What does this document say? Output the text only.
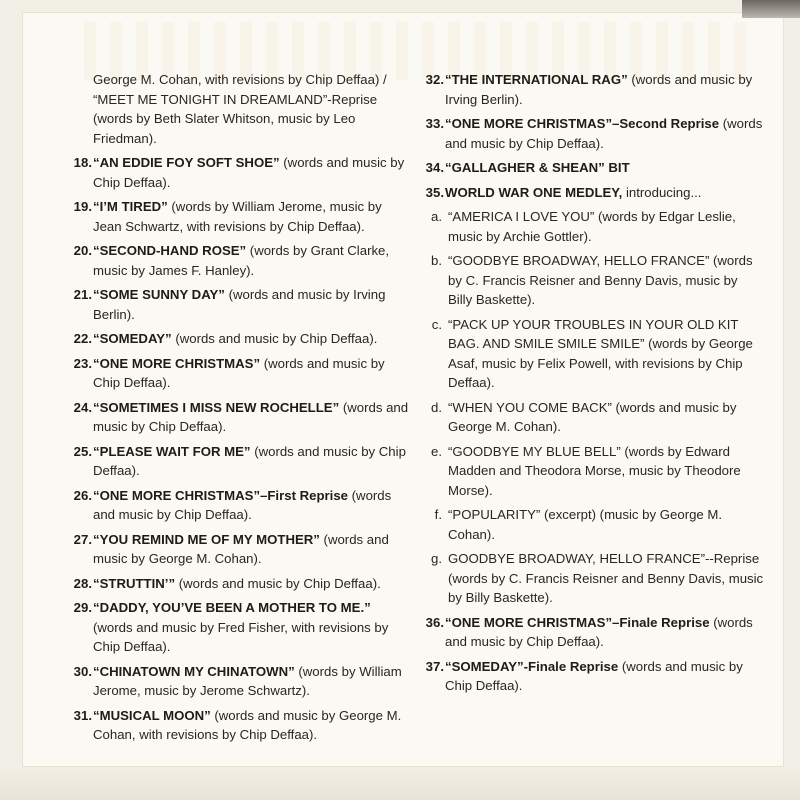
George M. Cohan, with revisions by Chip Deffaa) / “MEET ME TONIGHT IN DREAMLAND”-Reprise (words by Beth Slater Whitson, music by Leo Friedman).
18. “AN EDDIE FOY SOFT SHOE” (words and music by Chip Deffaa).
19. “I’M TIRED” (words by William Jerome, music by Jean Schwartz, with revisions by Chip Deffaa).
20. “SECOND-HAND ROSE” (words by Grant Clarke, music by James F. Hanley).
21. “SOME SUNNY DAY” (words and music by Irving Berlin).
22. “SOMEDAY” (words and music by Chip Deffaa).
23. “ONE MORE CHRISTMAS” (words and music by Chip Deffaa).
24. “SOMETIMES I MISS NEW ROCHELLE” (words and music by Chip Deffaa).
25. “PLEASE WAIT FOR ME” (words and music by Chip Deffaa).
26. “ONE MORE CHRISTMAS”–First Reprise (words and music by Chip Deffaa).
27. “YOU REMIND ME OF MY MOTHER” (words and music by George M. Cohan).
28. “STRUTTIN’” (words and music by Chip Deffaa).
29. “DADDY, YOU’VE BEEN A MOTHER TO ME.” (words and music by Fred Fisher, with revisions by Chip Deffaa).
30. “CHINATOWN MY CHINATOWN” (words by William Jerome, music by Jerome Schwartz).
31. “MUSICAL MOON” (words and music by George M. Cohan, with revisions by Chip Deffaa).
32. “THE INTERNATIONAL RAG” (words and music by Irving Berlin).
33. “ONE MORE CHRISTMAS”–Second Reprise (words and music by Chip Deffaa).
34. “GALLAGHER & SHEAN” BIT
35. WORLD WAR ONE MEDLEY, introducing...
a. “AMERICA I LOVE YOU” (words by Edgar Leslie, music by Archie Gottler).
b. “GOODBYE BROADWAY, HELLO FRANCE” (words by C. Francis Reisner and Benny Davis, music by Billy Baskette).
c. “PACK UP YOUR TROUBLES IN YOUR OLD KIT BAG. AND SMILE SMILE SMILE” (words by George Asaf, music by Felix Powell, with revisions by Chip Deffaa).
d. “WHEN YOU COME BACK” (words and music by George M. Cohan).
e. “GOODBYE MY BLUE BELL” (words by Edward Madden and Theodora Morse, music by Theodore Morse).
f. “POPULARITY” (excerpt) (music by George M. Cohan).
g. GOODBYE BROADWAY, HELLO FRANCE”--Reprise (words by C. Francis Reisner and Benny Davis, music by Billy Baskette).
36. “ONE MORE CHRISTMAS”–Finale Reprise (words and music by Chip Deffaa).
37. “SOMEDAY”-Finale Reprise (words and music by Chip Deffaa).
